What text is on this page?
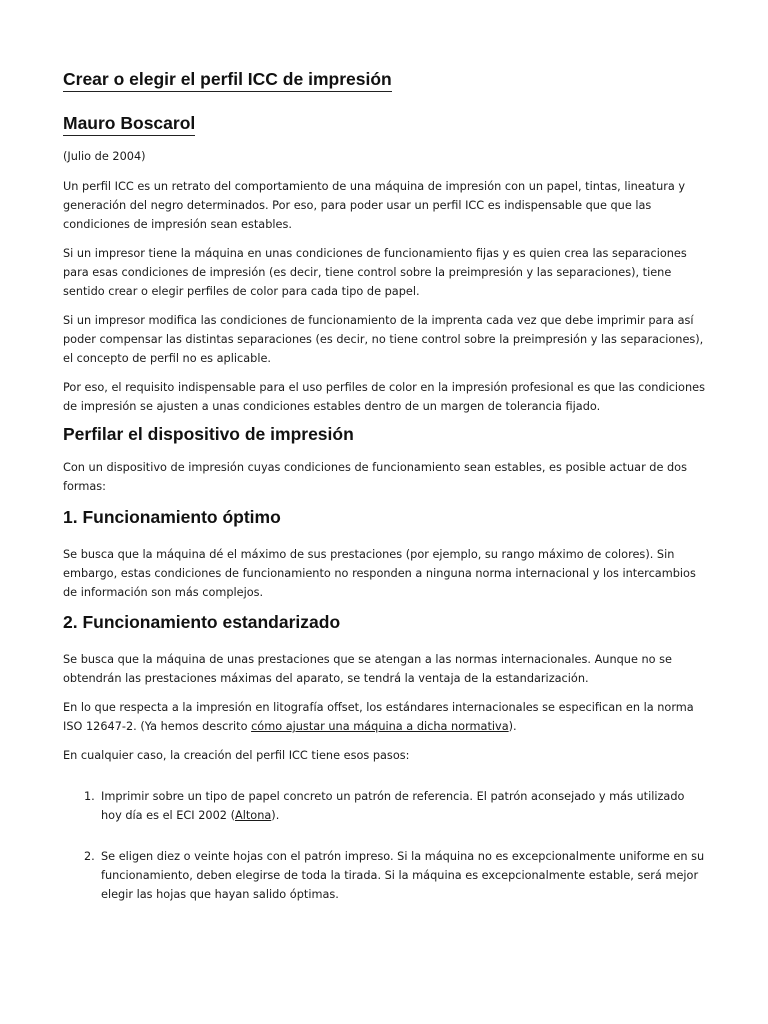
Crear o elegir el perfil ICC de impresión
Mauro Boscarol

(Julio de 2004)

Un perfil ICC es un retrato del comportamiento de una máquina de impresión con un papel, tintas, lineatura y generación del negro determinados. Por eso, para poder usar un perfil ICC es indispensable que que las condiciones de impresión sean estables.

Si un impresor tiene la máquina en unas condiciones de funcionamiento fijas y es quien crea las separaciones para esas condiciones de impresión (es decir, tiene control sobre la preimpresión y las separaciones), tiene sentido crear o elegir perfiles de color para cada tipo de papel.

Si un impresor modifica las condiciones de funcionamiento de la imprenta cada vez que debe imprimir para así poder compensar las distintas separaciones (es decir, no tiene control sobre la preimpresión y las separaciones), el concepto de perfil no es aplicable.

Por eso, el requisito indispensable para el uso perfiles de color en la impresión profesional es que las condiciones de impresión se ajusten a unas condiciones estables dentro de un margen de tolerancia fijado.

Perfilar el dispositivo de impresión

Con un dispositivo de impresión cuyas condiciones de funcionamiento sean estables, es posible actuar de dos formas:

1. Funcionamiento óptimo

Se busca que la máquina dé el máximo de sus prestaciones (por ejemplo, su rango máximo de colores). Sin embargo, estas condiciones de funcionamiento no responden a ninguna norma internacional y los intercambios de información son más complejos.

2. Funcionamiento estandarizado

Se busca que la máquina de unas prestaciones que se atengan a las normas internacionales. Aunque no se obtendrán las prestaciones máximas del aparato, se tendrá la ventaja de la estandarización.

En lo que respecta a la impresión en litografía offset, los estándares internacionales se especifican en la norma ISO 12647-2. (Ya hemos descrito cómo ajustar una máquina a dicha normativa).

En cualquier caso, la creación del perfil ICC tiene esos pasos:

1. Imprimir sobre un tipo de papel concreto un patrón de referencia. El patrón aconsejado y más utilizado hoy día es el ECI 2002 (Altona).
2. Se eligen diez o veinte hojas con el patrón impreso. Si la máquina no es excepcionalmente uniforme en su funcionamiento, deben elegirse de toda la tirada. Si la máquina es excepcionalmente estable, será mejor elegir las hojas que hayan salido óptimas.
